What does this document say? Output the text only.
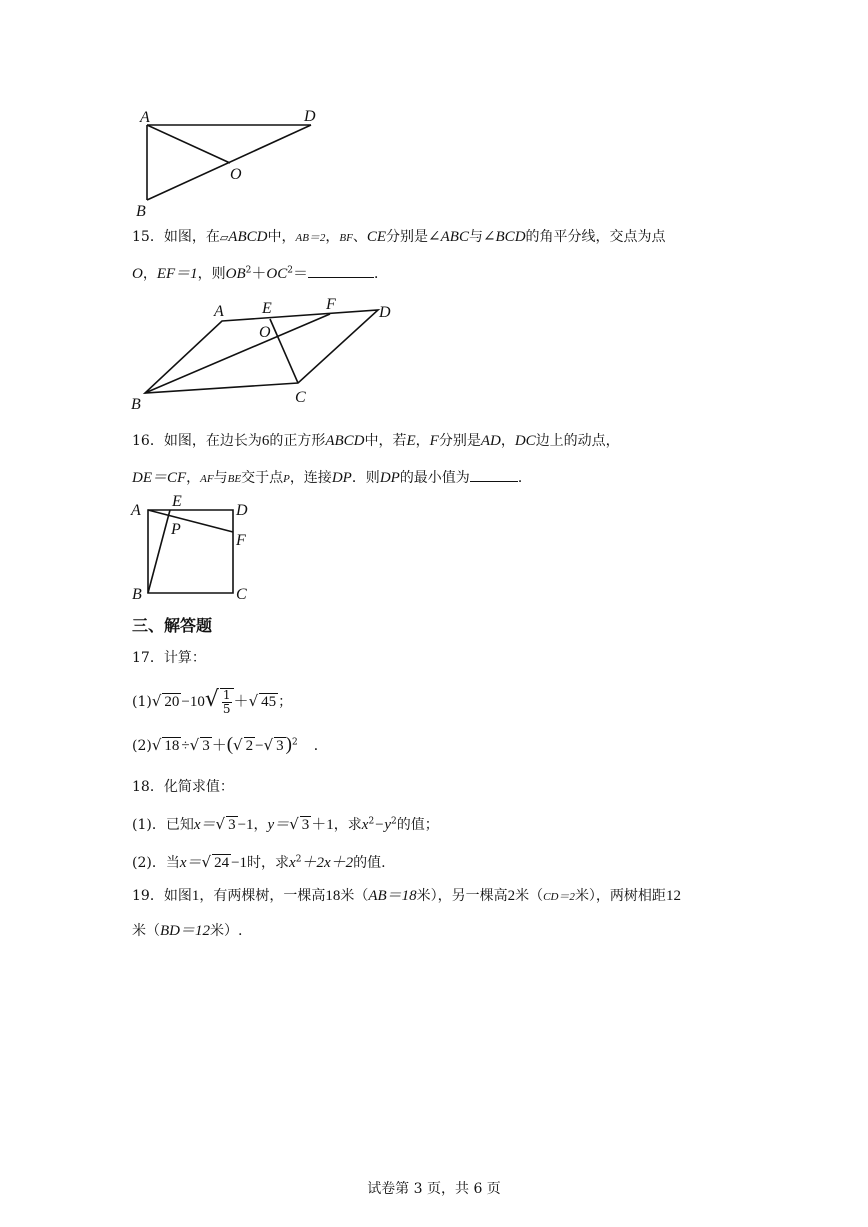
A	D
O
B
15．如图，在▱ABCD中，AB＝2，BF、CE分别是∠ABC与∠BCD的角平分线，交点为点
O，EF＝1，则$OB^2+OC^2=$	．
A E	F	D
O
B	C
16．如图，在边长为6的正方形ABCD中，若E，F分别是AD，DC边上的动点，
DE＝CF，AF与BE交于点P，连接DP．则DP的最小值为	．
A
E
D
P
F
B	C
三、解答题
17．计算：
(1)√ $20 -10√ \frac{1}{5}$ ＋√ 45 ；
(2)√ 18 ÷√ 3 ＋(√ 2 −√ 3 )$^2$ ．
18．化简求值：
(1)．已知x＝√ 3 −1，y＝√ 3 ＋1，求$x^2-y^2$的值；
(2)．当x＝√ 24 −1时，求$x^2+2x+2$的值.
19．如图1，有两棵树，一棵高18米（AB＝18米），另一棵高2米（CD＝2米），两树相距12
米（BD＝12米）.
试卷第 3 页，共 6 页
